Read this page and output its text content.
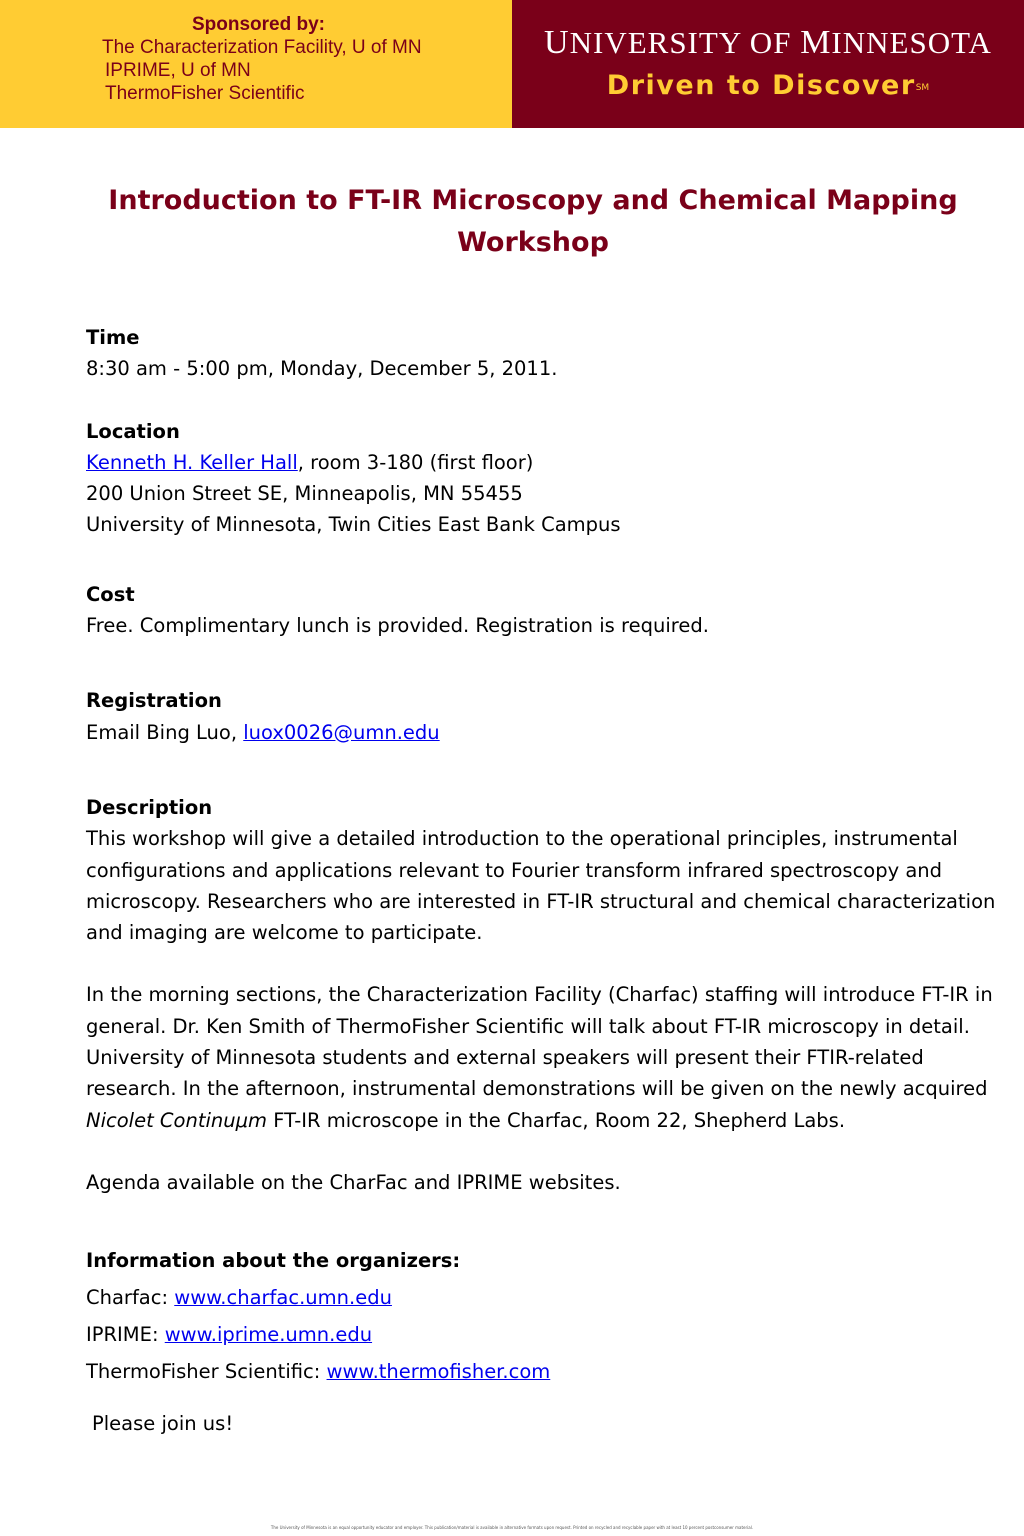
Sponsored by:
The Characterization Facility, U of MN
IPRIME, U of MN
ThermoFisher Scientific
UNIVERSITY OF MINNESOTA
Driven to Discover℠
Introduction to FT-IR Microscopy and Chemical Mapping Workshop
Time
8:30 am - 5:00 pm, Monday, December 5, 2011.
Location
Kenneth H. Keller Hall, room 3-180 (first floor)
200 Union Street SE, Minneapolis, MN 55455
University of Minnesota, Twin Cities East Bank Campus
Cost
Free. Complimentary lunch is provided. Registration is required.
Registration
Email Bing Luo, luox0026@umn.edu
Description
This workshop will give a detailed introduction to the operational principles, instrumental configurations and applications relevant to Fourier transform infrared spectroscopy and microscopy. Researchers who are interested in FT-IR structural and chemical characterization and imaging are welcome to participate.
In the morning sections, the Characterization Facility (Charfac) staffing will introduce FT-IR in general. Dr. Ken Smith of ThermoFisher Scientific will talk about FT-IR microscopy in detail. University of Minnesota students and external speakers will present their FTIR-related research. In the afternoon, instrumental demonstrations will be given on the newly acquired Nicolet Continuμm FT-IR microscope in the Charfac, Room 22, Shepherd Labs.
Agenda available on the CharFac and IPRIME websites.
Information about the organizers:
Charfac: www.charfac.umn.edu
IPRIME: www.iprime.umn.edu
ThermoFisher Scientific: www.thermofisher.com
Please join us!
The University of Minnesota is an equal opportunity educator and employer. This publication/material is available in alternative formats upon request. Printed on recycled and recyclable paper with at least 10 percent postconsumer material.
